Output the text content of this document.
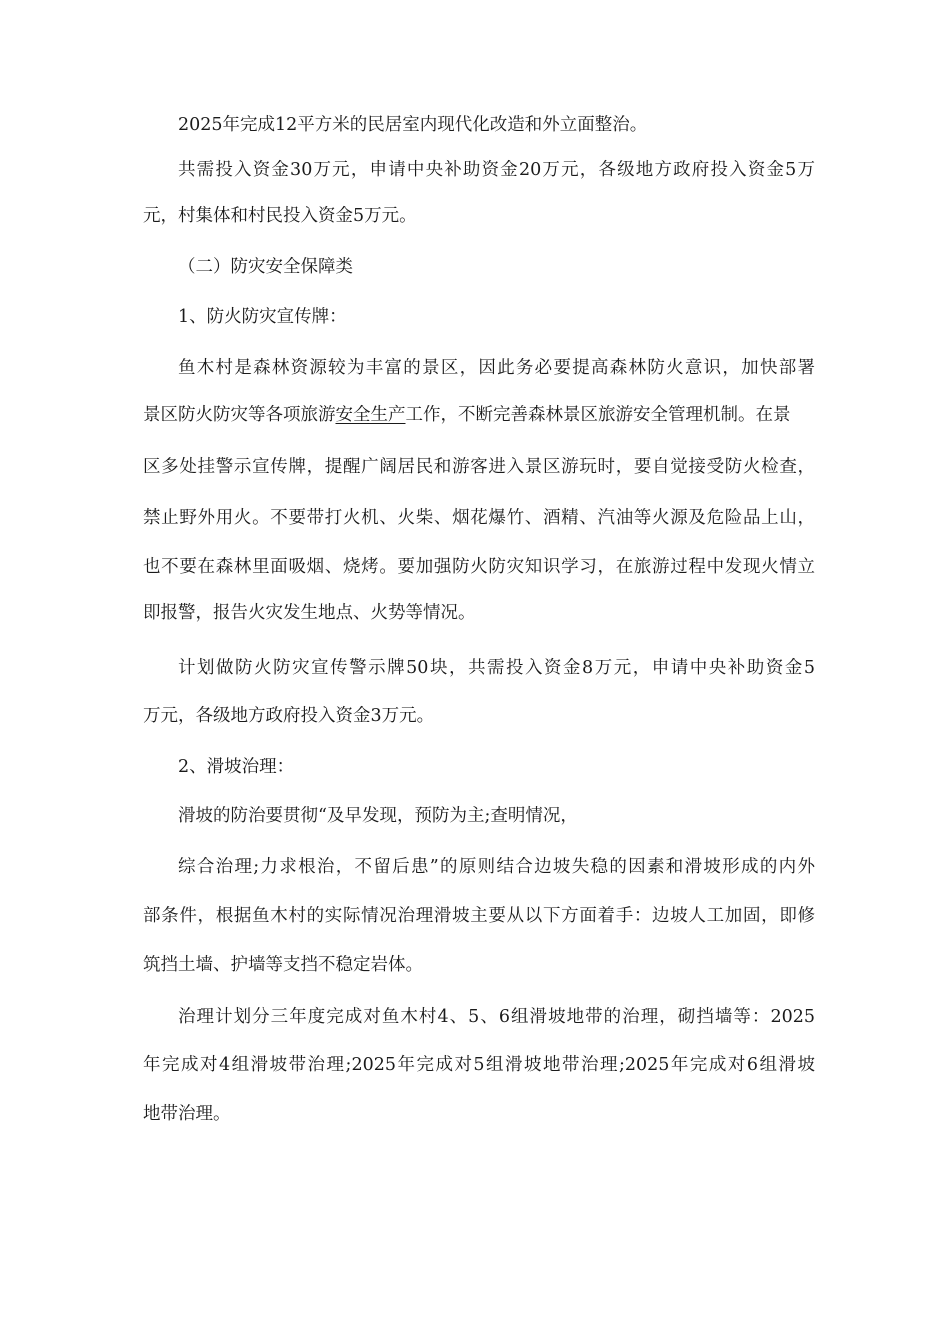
2025年完成12平方米的民居室内现代化改造和外立面整治。
共需投入资金30万元，申请中央补助资金20万元，各级地方政府投入资金5万
元，村集体和村民投入资金5万元。
（二）防灾安全保障类
1、防火防灾宣传牌：
鱼木村是森林资源较为丰富的景区，因此务必要提高森林防火意识，加快部署
景区防火防灾等各项旅游安全生产工作，不断完善森林景区旅游安全管理机制。在景
区多处挂警示宣传牌，提醒广阔居民和游客进入景区游玩时，要自觉接受防火检查，
禁止野外用火。不要带打火机、火柴、烟花爆竹、酒精、汽油等火源及危险品上山，
也不要在森林里面吸烟、烧烤。要加强防火防灾知识学习，在旅游过程中发现火情立
即报警，报告火灾发生地点、火势等情况。
计划做防火防灾宣传警示牌50块，共需投入资金8万元，申请中央补助资金5
万元，各级地方政府投入资金3万元。
2、滑坡治理：
滑坡的防治要贯彻“及早发现，预防为主;查明情况，
综合治理;力求根治，不留后患”的原则结合边坡失稳的因素和滑坡形成的内外
部条件，根据鱼木村的实际情况治理滑坡主要从以下方面着手：边坡人工加固，即修
筑挡土墙、护墙等支挡不稳定岩体。
治理计划分三年度完成对鱼木村4、5、6组滑坡地带的治理，砌挡墙等：2025
年完成对4组滑坡带治理;2025年完成对5组滑坡地带治理;2025年完成对6组滑坡
地带治理。
